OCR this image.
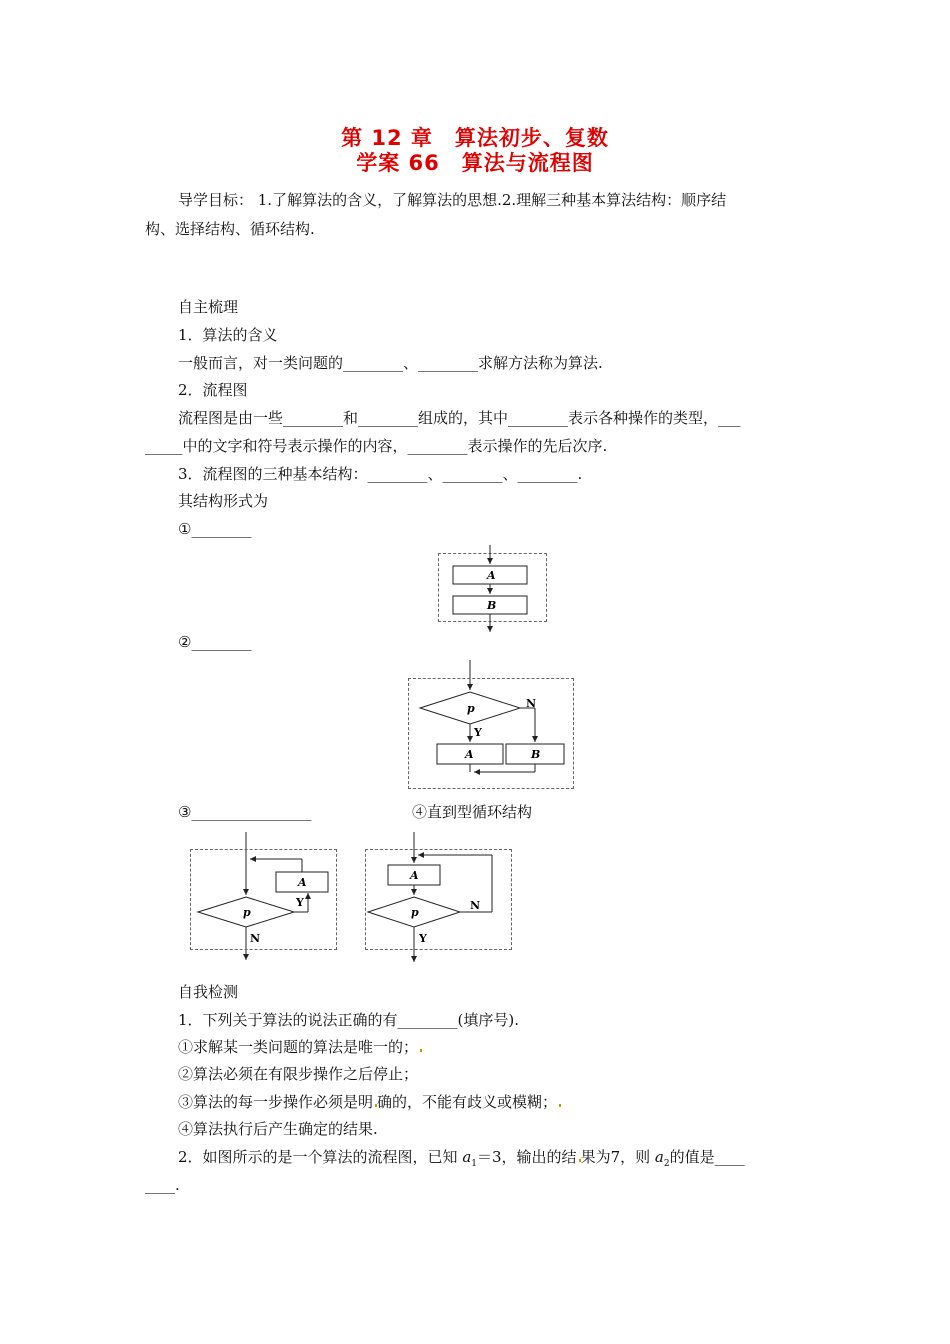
第 12 章　算法初步、复数
学案 66　算法与流程图
导学目标： 1.了解算法的含义，了解算法的思想.2.理解三种基本算法结构：顺序结
构、选择结构、循环结构.
自主梳理
1．算法的含义
一般而言，对一类问题的________、________求解方法称为算法.
2．流程图
流程图是由一些________和________组成的，其中________表示各种操作的类型，___
_____中的文字和符号表示操作的内容，________表示操作的先后次序.
3．流程图的三种基本结构：________、________、________.
其结构形式为
①________
A
B
p	N
Y
A	B
A
p
Y
N
A
p
N
Y
②________
③________________	④直到型循环结构
自我检测
1．下列关于算法的说法正确的有________(填序号).
①求解某一类问题的算法是唯一的；
②算法必须在有限步操作之后停止；
③算法的每一步操作必须是明 确的，不能有歧义或模糊；
④算法执行后产生确定的结果.
2．如图所示的是一个算法的流程图，已知 $a_1=3$，输出的结 果为7，则 $a_2$的值是____
____.
